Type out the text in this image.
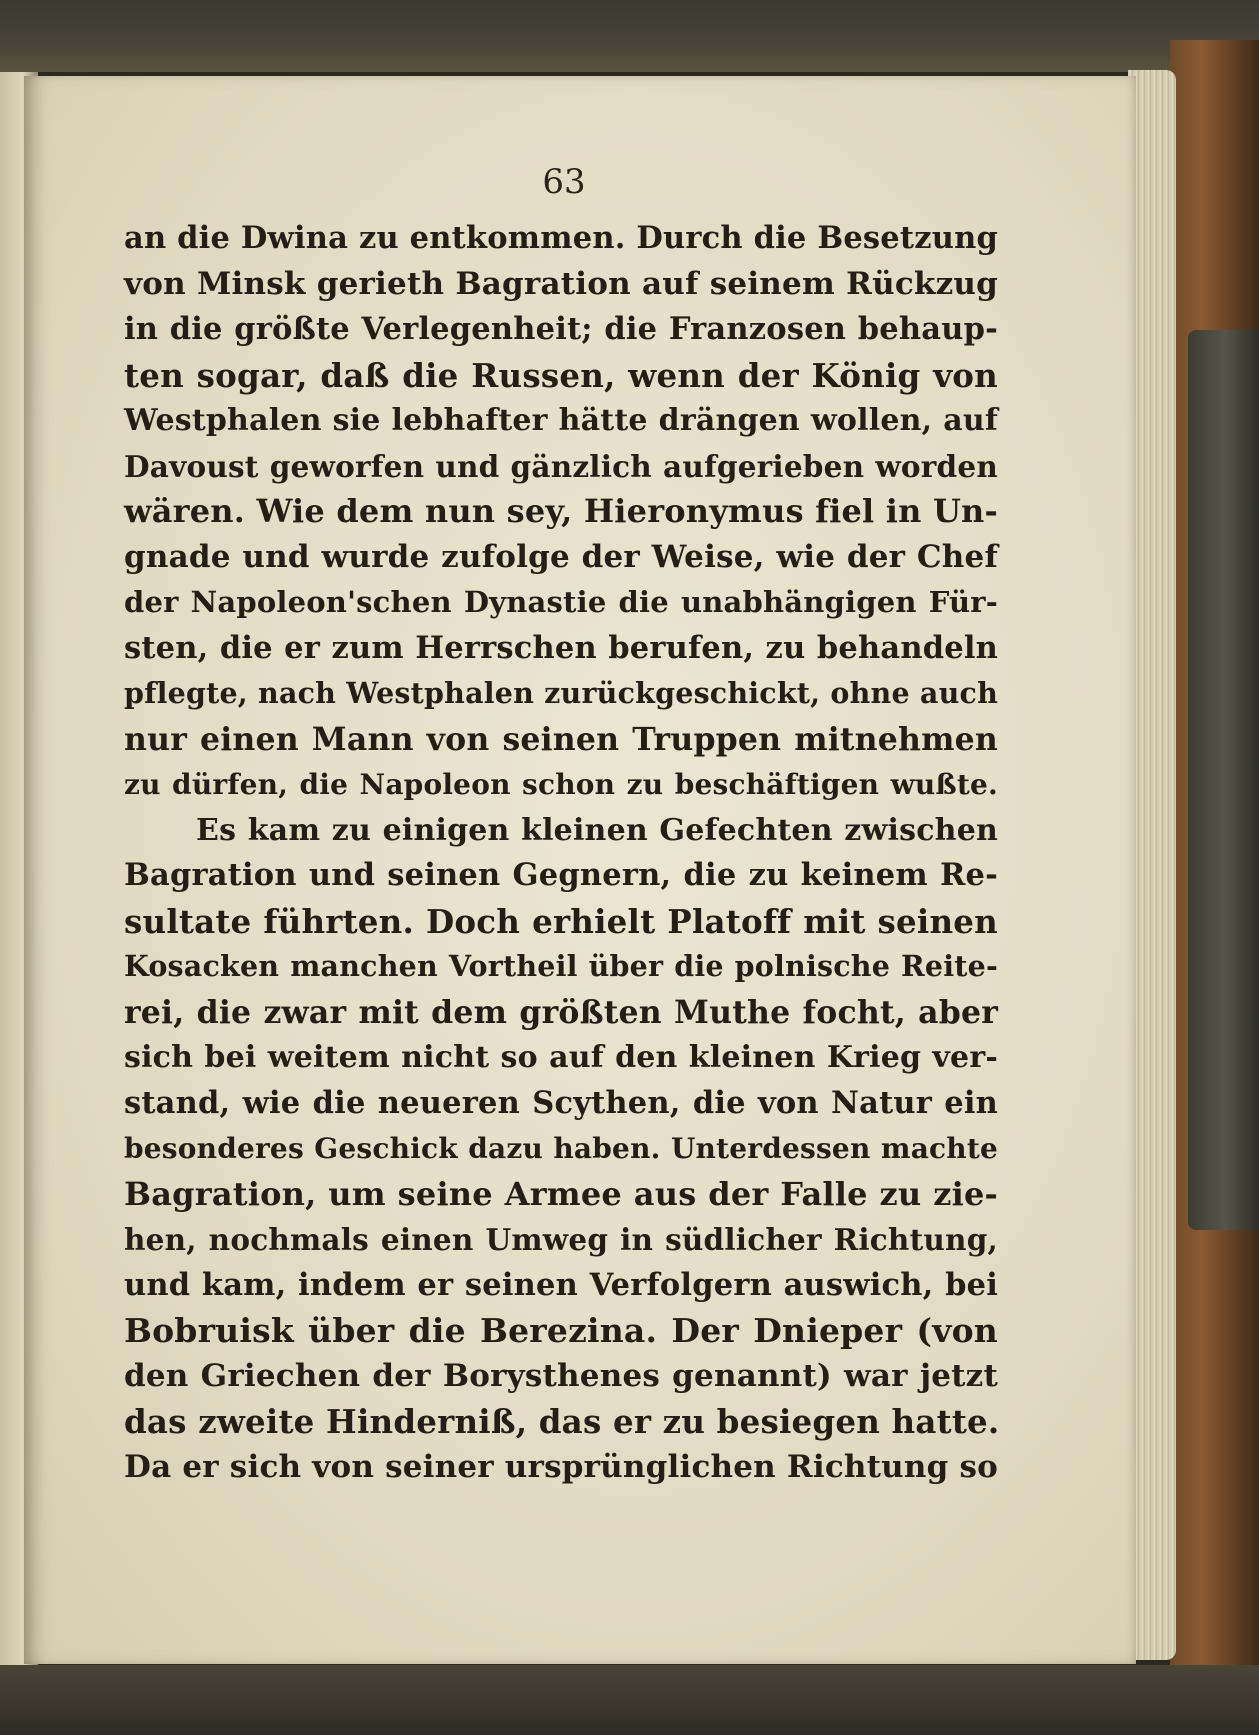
63
an die Dwina zu entkommen. Durch die Besetzung
von Minsk gerieth Bagration auf seinem Rückzug
in die größte Verlegenheit; die Franzosen behaup-
ten sogar, daß die Russen, wenn der König von
Westphalen sie lebhafter hätte drängen wollen, auf
Davoust geworfen und gänzlich aufgerieben worden
wären. Wie dem nun sey, Hieronymus fiel in Un-
gnade und wurde zufolge der Weise, wie der Chef
der Napoleon'schen Dynastie die unabhängigen Für-
sten, die er zum Herrschen berufen, zu behandeln
pflegte, nach Westphalen zurückgeschickt, ohne auch
nur einen Mann von seinen Truppen mitnehmen
zu dürfen, die Napoleon schon zu beschäftigen wußte.
Es kam zu einigen kleinen Gefechten zwischen
Bagration und seinen Gegnern, die zu keinem Re-
sultate führten. Doch erhielt Platoff mit seinen
Kosacken manchen Vortheil über die polnische Reite-
rei, die zwar mit dem größten Muthe focht, aber
sich bei weitem nicht so auf den kleinen Krieg ver-
stand, wie die neueren Scythen, die von Natur ein
besonderes Geschick dazu haben. Unterdessen machte
Bagration, um seine Armee aus der Falle zu zie-
hen, nochmals einen Umweg in südlicher Richtung,
und kam, indem er seinen Verfolgern auswich, bei
Bobruisk über die Berezina. Der Dnieper (von
den Griechen der Borysthenes genannt) war jetzt
das zweite Hinderniß, das er zu besiegen hatte.
Da er sich von seiner ursprünglichen Richtung so
